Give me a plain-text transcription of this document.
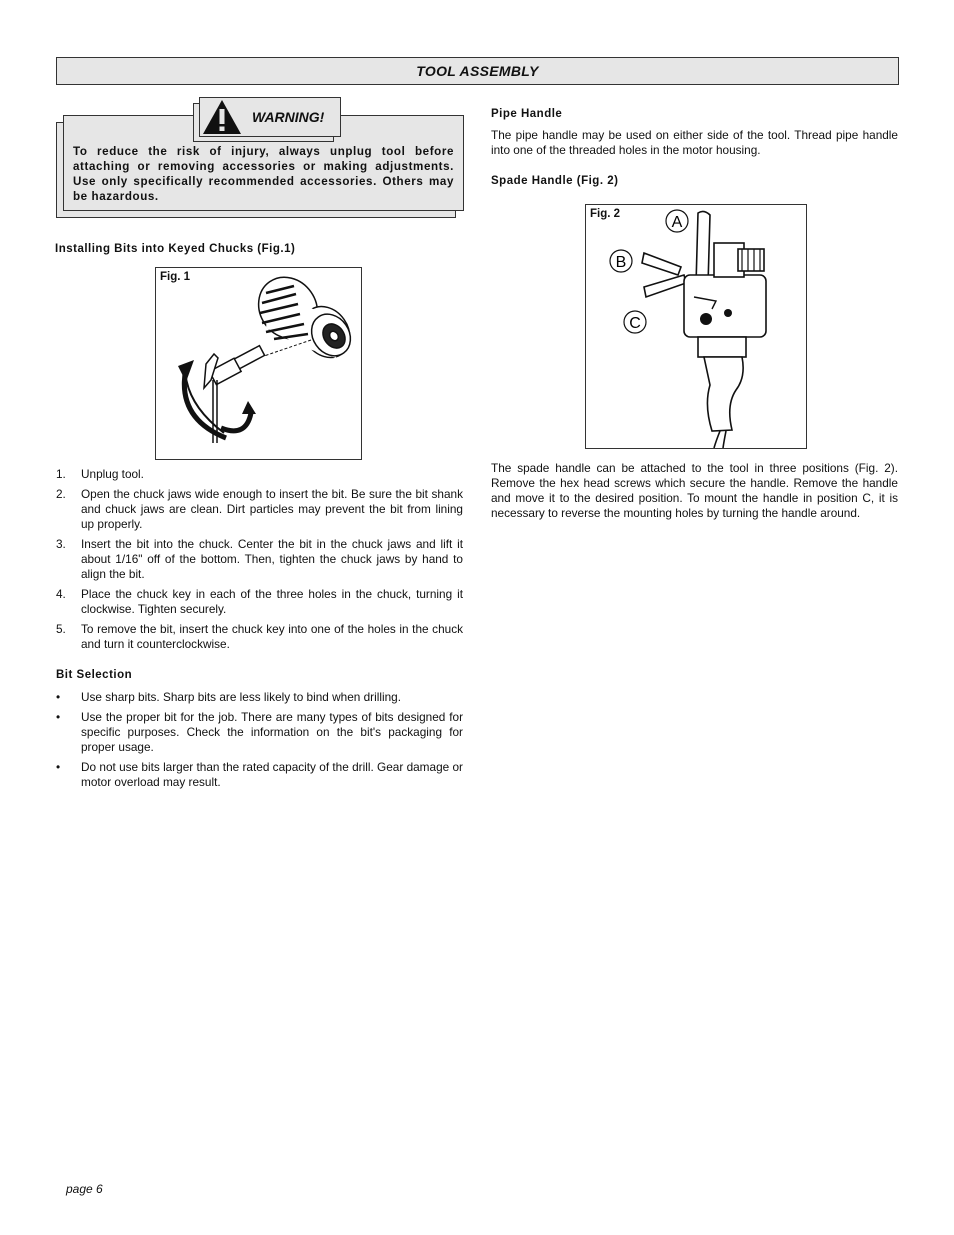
TOOL ASSEMBLY
To reduce the risk of injury, always unplug tool before attaching or removing accessories or making adjustments. Use only specifically recommended accessories. Others may be hazardous.
WARNING!
Installing Bits into Keyed Chucks (Fig.1)
Fig. 1
1.	Unplug tool.
2.	Open the chuck jaws wide enough to insert the bit. Be sure the bit shank and chuck jaws are clean. Dirt particles may prevent the bit from lining up properly.
3.	Insert the bit into the chuck. Center the bit in the chuck jaws and lift it about 1/16" off of the bottom. Then, tighten the chuck jaws by hand to align the bit.
4.	Place the chuck key in each of the three holes in the chuck, turning it clockwise. Tighten securely.
5.	To remove the bit, insert the chuck key into one of the holes in the chuck and turn it counterclockwise.
Bit Selection
•	Use sharp bits. Sharp bits are less likely to bind when drilling.
•	Use the proper bit for the job. There are many types of bits designed for specific purposes. Check the information on the bit's packaging for proper usage.
•	Do not use bits larger than the rated capacity of the drill. Gear damage or motor overload may result.
Pipe Handle
The pipe handle may be used on either side of the tool. Thread pipe handle into one of the threaded holes in the motor housing.
Spade Handle (Fig. 2)
Fig. 2	A
B
C
The spade handle can be attached to the tool in three positions (Fig. 2). Remove the hex head screws which secure the handle. Remove the handle and move it to the desired position. To mount the handle in position C, it is necessary to reverse the mounting holes by turning the handle around.
page 6
